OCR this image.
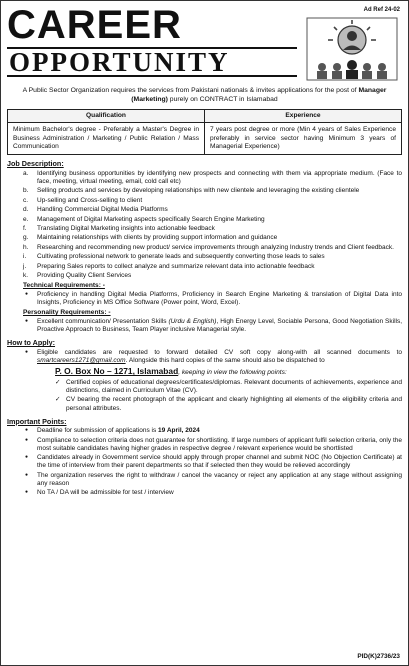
CAREER
OPPORTUNITY
Ad Ref 24-02

A Public Sector Organization requires the services from Pakistani nationals & invites applications for the post of Manager (Marketing) purely on CONTRACT in Islamabad

Qualification	Experience
Minimum Bachelor's degree - Preferably a Master's Degree in Business Administration / Marketing / Public Relation / Mass Communication	7 years post degree or more (Min 4 years of Sales Experience preferably in service sector having Minimum 3 years of Managerial Experience)
Job Description:
a. Identifying business opportunities by identifying new prospects and connecting with them via appropriate medium. (Face to face, meeting, virtual meeting, email, cold call etc)
b. Selling products and services by developing relationships with new clientele and leveraging the existing clientele
c. Up-selling and Cross-selling to client
d. Handling Commercial Digital Media Platforms
e. Management of Digital Marketing aspects specifically Search Engine Marketing
f. Translating Digital Marketing insights into actionable feedback
g. Maintaining relationships with clients by providing support information and guidance
h. Researching and recommending new product/ service improvements through analyzing Industry trends and Client feedback.
i. Cultivating professional network to generate leads and subsequently converting those leads to sales
j. Preparing Sales reports to collect analyze and summarize relevant data into actionable feedback
k. Providing Quality Client Services
Technical Requirements: -
● Proficiency in handling Digital Media Platforms, Proficiency in Search Engine Marketing & translation of Digital Data into Insights, Proficiency in MS Office Software (Power point, Word, Excel).
Personality Requirements: -
● Excellent communication/ Presentation Skills (Urdu & English), High Energy Level, Sociable Persona, Good Negotiation Skills, Proactive Approach to Business, Team Player inclusive Managerial style.
How to Apply:
● Eligible candidates are requested to forward detailed CV soft copy along-with all scanned documents to smartcareers1271@gmail.com. Alongside this hard copies of the same should also be dispatched to
P. O. Box No – 1271, Islamabad, keeping in view the following points:
✓ Certified copies of educational degrees/certificates/diplomas. Relevant documents of achievements, experience and distinctions, claimed in Curriculum Vitae (CV).
✓ CV bearing the recent photograph of the applicant and clearly highlighting all elements of the eligibility criteria and personal attributes.
Important Points:
● Deadline for submission of applications is 19 April, 2024
● Compliance to selection criteria does not guarantee for shortlisting. If large numbers of applicant fulfil selection criteria, only the most suitable candidates having higher grades in respective degree / relevant experience would be shortlisted
● Candidates already in Government service should apply through proper channel and submit NOC (No Objection Certificate) at the time of interview from their parent departments so that if selected then they would be relieved accordingly
● The organization reserves the right to withdraw / cancel the vacancy or reject any application at any stage without assigning any reason
● No TA / DA will be admissible for test / interview
PID(K)2736/23
